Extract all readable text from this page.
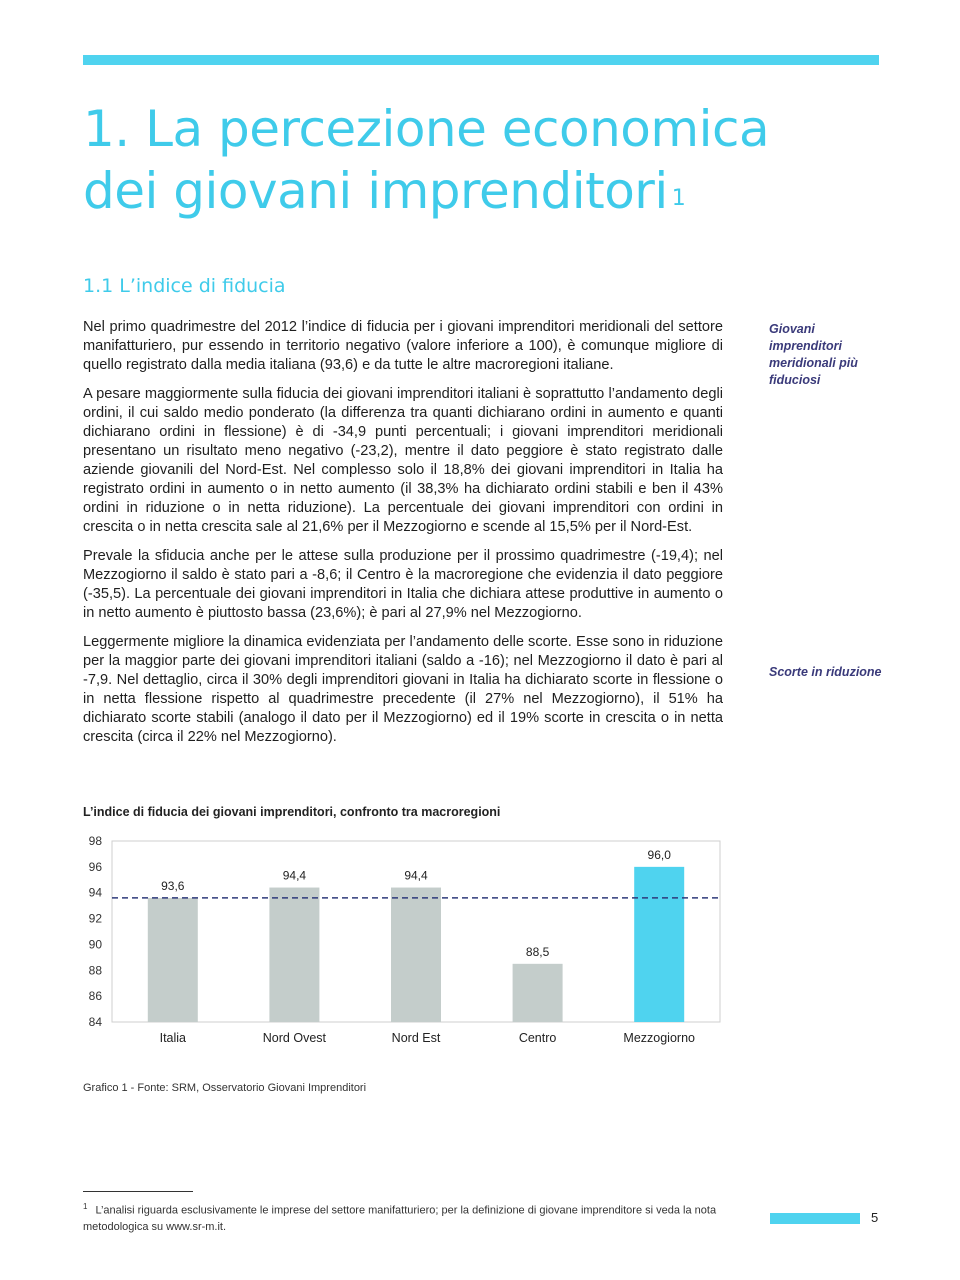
1. La percezione economica
dei giovani imprenditori $^1$
1.1 L’indice di fiducia

Nel primo quadrimestre del 2012 l’indice di fiducia per i giovani imprenditori meridionali del settore manifatturiero, pur essendo in territorio negativo (valore inferiore a 100), è comunque migliore di quello registrato dalla media italiana (93,6) e da tutte le altre macroregioni italiane.

A pesare maggiormente sulla fiducia dei giovani imprenditori italiani è soprattutto l’andamento degli ordini, il cui saldo medio ponderato (la differenza tra quanti dichiarano ordini in aumento e quanti dichiarano ordini in flessione) è di -34,9 punti percentuali; i giovani imprenditori meridionali presentano un risultato meno negativo (-23,2), mentre il dato peggiore è stato registrato dalle aziende giovanili del Nord-Est. Nel complesso solo il 18,8% dei giovani imprenditori in Italia ha registrato ordini in aumento o in netto aumento (il 38,3% ha dichiarato ordini stabili e ben il 43% ordini in riduzione o in netta riduzione). La percentuale dei giovani imprenditori con ordini in crescita o in netta crescita sale al 21,6% per il Mezzogiorno e scende al 15,5% per il Nord-Est.

Prevale la sfiducia anche per le attese sulla produzione per il prossimo quadrimestre (-19,4); nel Mezzogiorno il saldo è stato pari a -8,6; il Centro è la macroregione che evidenzia il dato peggiore (-35,5). La percentuale dei giovani imprenditori in Italia che dichiara attese produttive in aumento o in netto aumento è piuttosto bassa (23,6%); è pari al 27,9% nel Mezzogiorno.

Leggermente migliore la dinamica evidenziata per l’andamento delle scorte. Esse sono in riduzione per la maggior parte dei giovani imprenditori italiani (saldo a -16); nel Mezzogiorno il dato è pari al -7,9. Nel dettaglio, circa il 30% degli imprenditori giovani in Italia ha dichiarato scorte in flessione o in netta flessione rispetto al quadrimestre precedente (il 27% nel Mezzogiorno), il 51% ha dichiarato scorte stabili (analogo il dato per il Mezzogiorno) ed il 19% scorte in crescita o in netta crescita (circa il 22% nel Mezzogiorno).

Giovani imprenditori meridionali più fiduciosi
Scorte in riduzione
L’indice di fiducia dei giovani imprenditori, confronto tra macroregioni
84
86
88
90
92
94
96
98
93,6
Italia
94,4
Nord Ovest
94,4
Nord Est
88,5
Centro
96,0
Mezzogiorno
Grafico 1 - Fonte: SRM, Osservatorio Giovani Imprenditori
$^1$ L’analisi riguarda esclusivamente le imprese del settore manifatturiero; per la definizione di giovane imprenditore si veda la nota metodologica su www.sr-m.it.
5
